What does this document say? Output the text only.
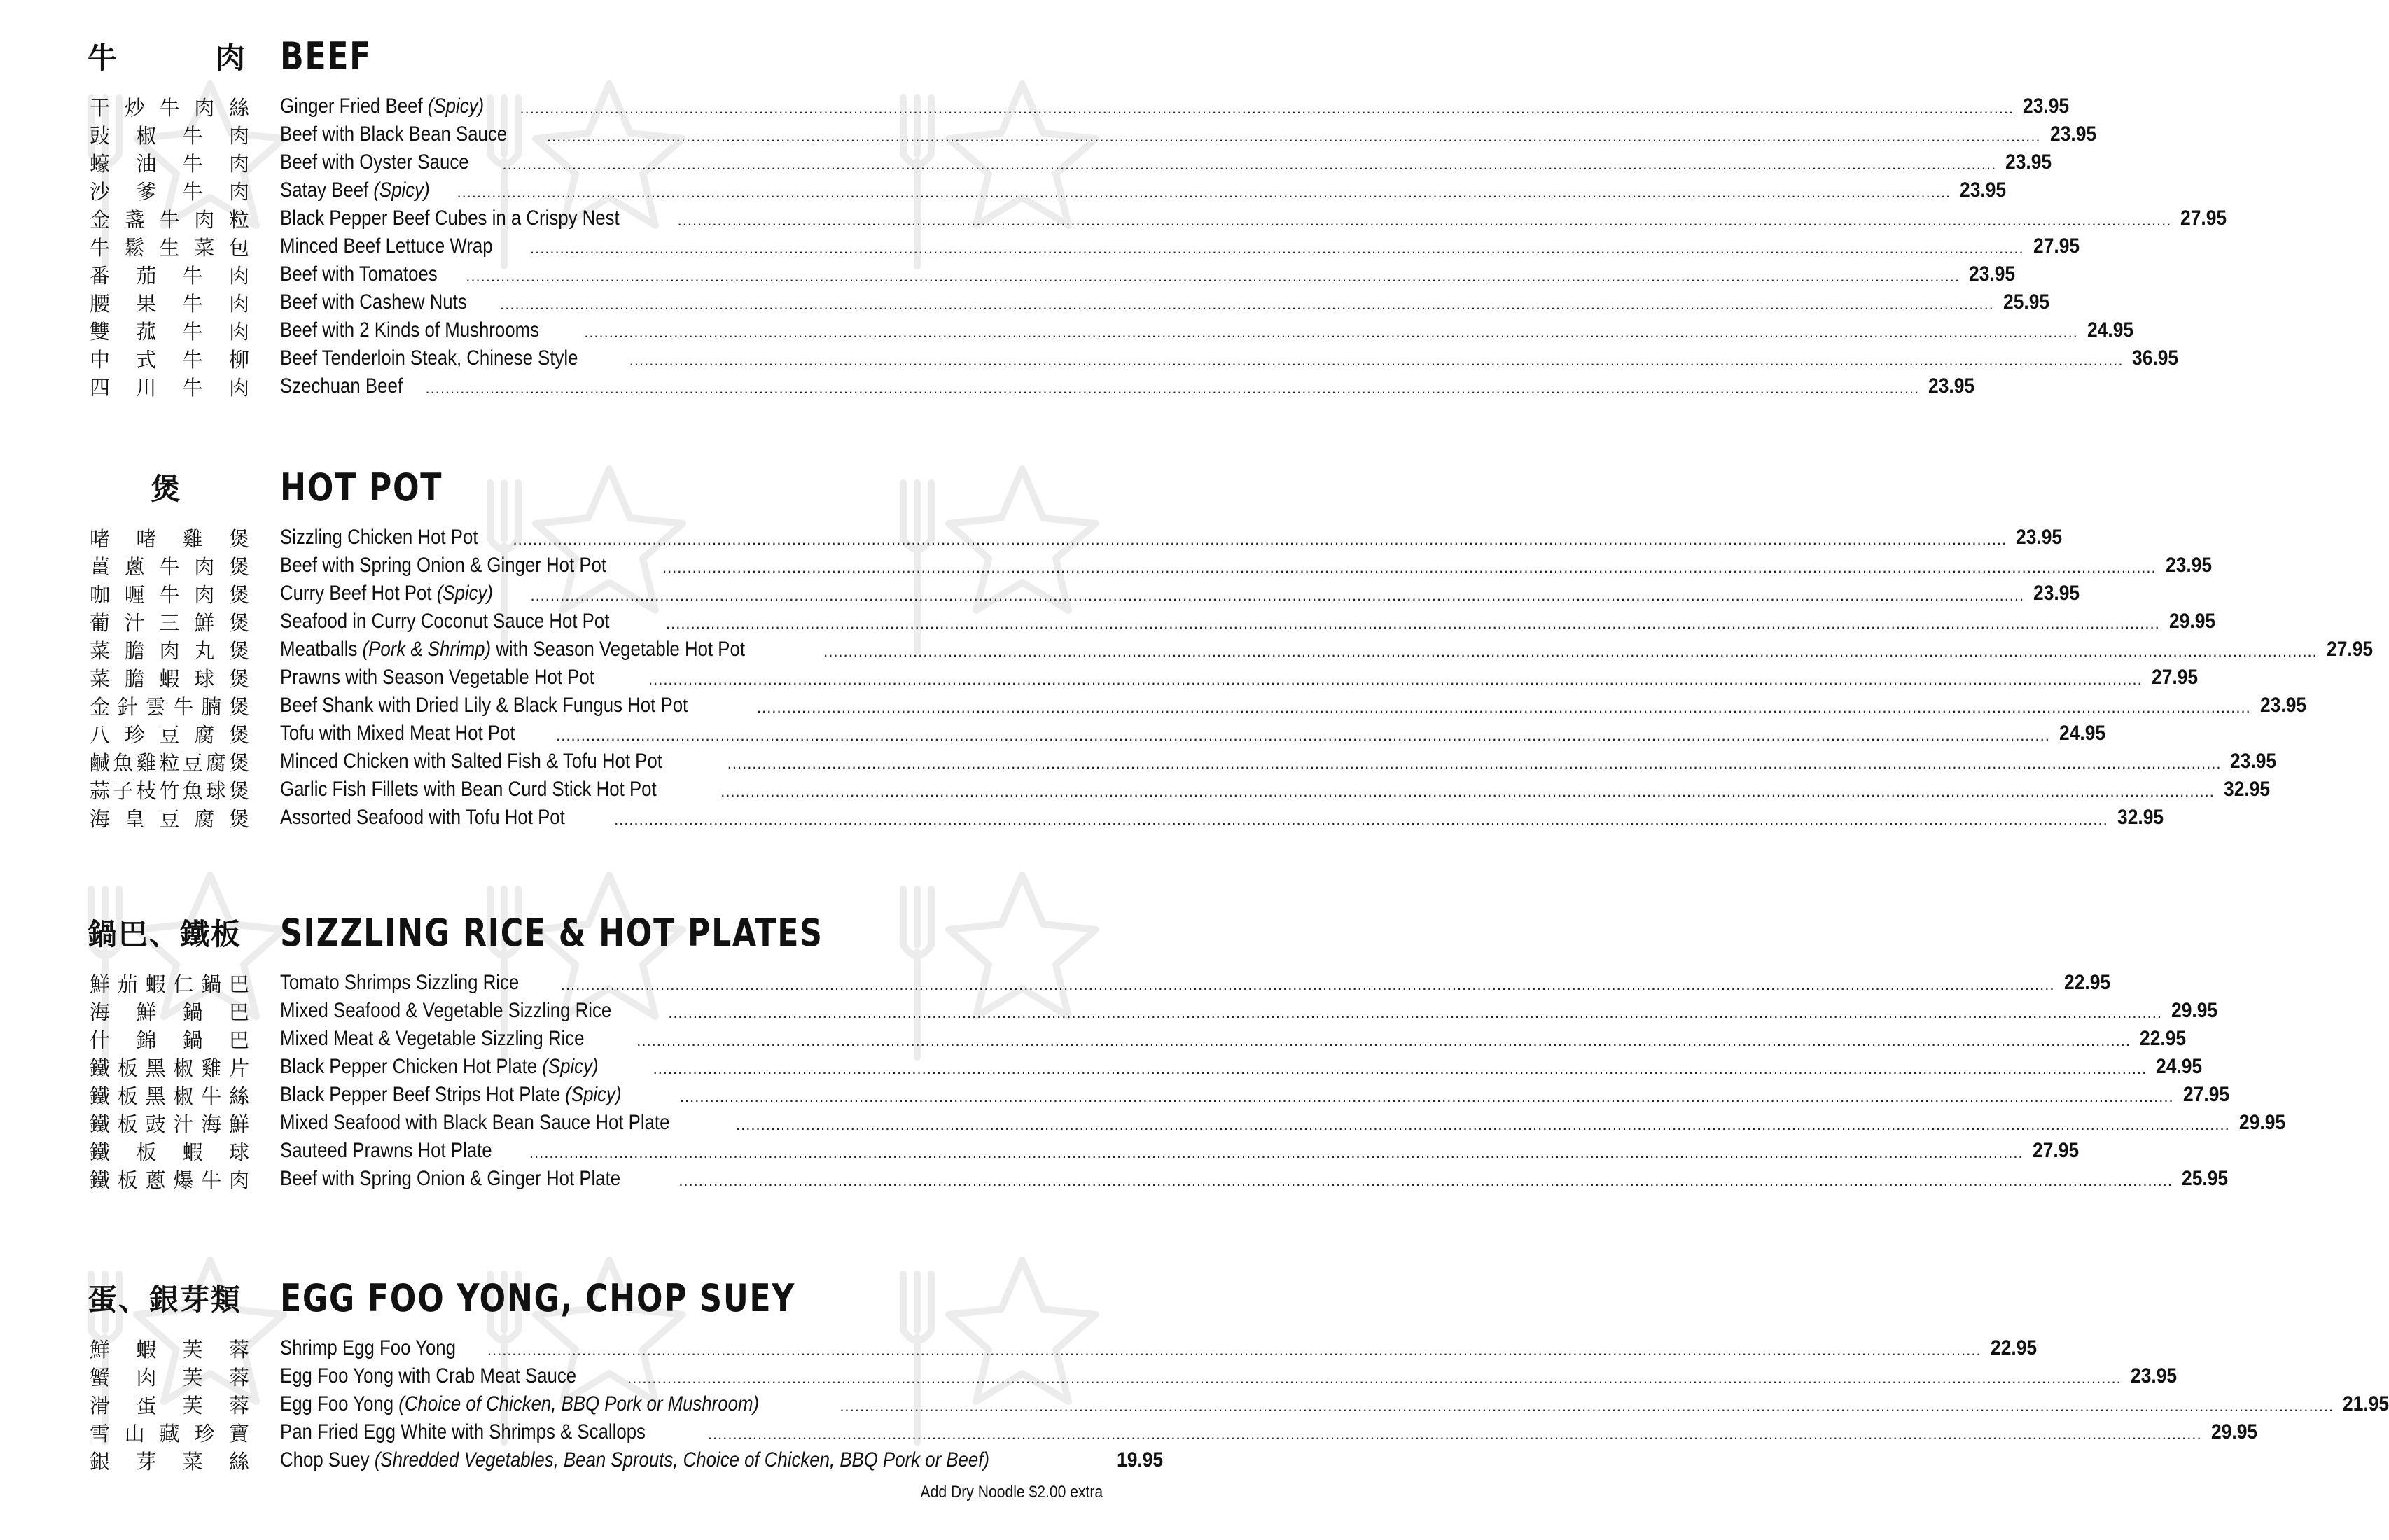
牛	肉 BEEF
干 炒 牛 肉 絲 Ginger Fried Beef (Spicy) ............................................................................................................................................................................................................................................................................................................ 23.95
豉 椒 牛 肉 Beef with Black Bean Sauce	............................................................................................................................................................................................................................................................................................................ 23.95
蠔 油 牛 肉 Beef with Oyster Sauce ............................................................................................................................................................................................................................................................................................................ 23.95
沙 爹 牛 肉 Satay Beef (Spicy) ............................................................................................................................................................................................................................................................................................................ 23.95
金 盞 牛 肉 粒 Black Pepper Beef Cubes in a Crispy Nest	............................................................................................................................................................................................................................................................................................................ 27.95
牛 鬆 生 菜 包 Minced Beef Lettuce Wrap ............................................................................................................................................................................................................................................................................................................ 27.95
番 茄 牛 肉 Beef with Tomatoes ............................................................................................................................................................................................................................................................................................................ 23.95
腰 果 牛 肉 Beef with Cashew Nuts ............................................................................................................................................................................................................................................................................................................ 25.95
雙 菰 牛 肉 Beef with 2 Kinds of Mushrooms	............................................................................................................................................................................................................................................................................................................ 24.95
中 式 牛 柳 Beef Tenderloin Steak, Chinese Style	............................................................................................................................................................................................................................................................................................................ 36.95
四 川 牛 肉 Szechuan Beef ............................................................................................................................................................................................................................................................................................................ 23.95
煲	HOT POT
啫 啫 雞 煲 Sizzling Chicken Hot Pot ............................................................................................................................................................................................................................................................................................................ 23.95
薑 蔥 牛 肉 煲 Beef with Spring Onion & Ginger Hot Pot	............................................................................................................................................................................................................................................................................................................ 23.95
咖 喱 牛 肉 煲 Curry Beef Hot Pot (Spicy) ............................................................................................................................................................................................................................................................................................................ 23.95
葡 汁 三 鮮 煲 Seafood in Curry Coconut Sauce Hot Pot	............................................................................................................................................................................................................................................................................................................ 29.95
菜 膽 肉 丸 煲 Meatballs (Pork & Shrimp) with Season Vegetable Hot Pot	............................................................................................................................................................................................................................................................................................................ 27.95
菜 膽 蝦 球 煲 Prawns with Season Vegetable Hot Pot	............................................................................................................................................................................................................................................................................................................ 27.95
金 針 雲 牛 腩 煲 Beef Shank with Dried Lily & Black Fungus Hot Pot	............................................................................................................................................................................................................................................................................................................ 23.95
八 珍 豆 腐 煲 Tofu with Mixed Meat Hot Pot	............................................................................................................................................................................................................................................................................................................ 24.95
鹹 魚 雞 粒 豆 腐 煲 Minced Chicken with Salted Fish & Tofu Hot Pot	............................................................................................................................................................................................................................................................................................................ 23.95
蒜 子 枝 竹 魚 球 煲 Garlic Fish Fillets with Bean Curd Stick Hot Pot	............................................................................................................................................................................................................................................................................................................ 32.95
海 皇 豆 腐 煲 Assorted Seafood with Tofu Hot Pot	............................................................................................................................................................................................................................................................................................................ 32.95
鍋巴、鐵板 SIZZLING RICE & HOT PLATES
鮮 茄 蝦 仁 鍋 巴 Tomato Shrimps Sizzling Rice	............................................................................................................................................................................................................................................................................................................ 22.95
海 鮮 鍋 巴 Mixed Seafood & Vegetable Sizzling Rice	............................................................................................................................................................................................................................................................................................................ 29.95
什 錦 鍋 巴 Mixed Meat & Vegetable Sizzling Rice	............................................................................................................................................................................................................................................................................................................ 22.95
鐵 板 黑 椒 雞 片 Black Pepper Chicken Hot Plate (Spicy)	............................................................................................................................................................................................................................................................................................................ 24.95
鐵 板 黑 椒 牛 絲 Black Pepper Beef Strips Hot Plate (Spicy)	............................................................................................................................................................................................................................................................................................................ 27.95
鐵 板 豉 汁 海 鮮 Mixed Seafood with Black Bean Sauce Hot Plate	............................................................................................................................................................................................................................................................................................................ 29.95
鐵 板 蝦 球 Sauteed Prawns Hot Plate ............................................................................................................................................................................................................................................................................................................ 27.95
鐵 板 蔥 爆 牛 肉 Beef with Spring Onion & Ginger Hot Plate	............................................................................................................................................................................................................................................................................................................ 25.95
蛋、銀芽類 EGG FOO YONG, CHOP SUEY
鮮 蝦 芙 蓉 Shrimp Egg Foo Yong ............................................................................................................................................................................................................................................................................................................ 22.95
蟹 肉 芙 蓉 Egg Foo Yong with Crab Meat Sauce	............................................................................................................................................................................................................................................................................................................ 23.95
滑 蛋 芙 蓉 Egg Foo Yong (Choice of Chicken, BBQ Pork or Mushroom)	............................................................................................................................................................................................................................................................................................................ 21.95
雪 山 藏 珍 寶 Pan Fried Egg White with Shrimps & Scallops	............................................................................................................................................................................................................................................................................................................ 29.95
銀 芽 菜 絲 Chop Suey (Shredded Vegetables, Bean Sprouts, Choice of Chicken, BBQ Pork or Beef)	19.95
Add Dry Noodle $2.00 extra
